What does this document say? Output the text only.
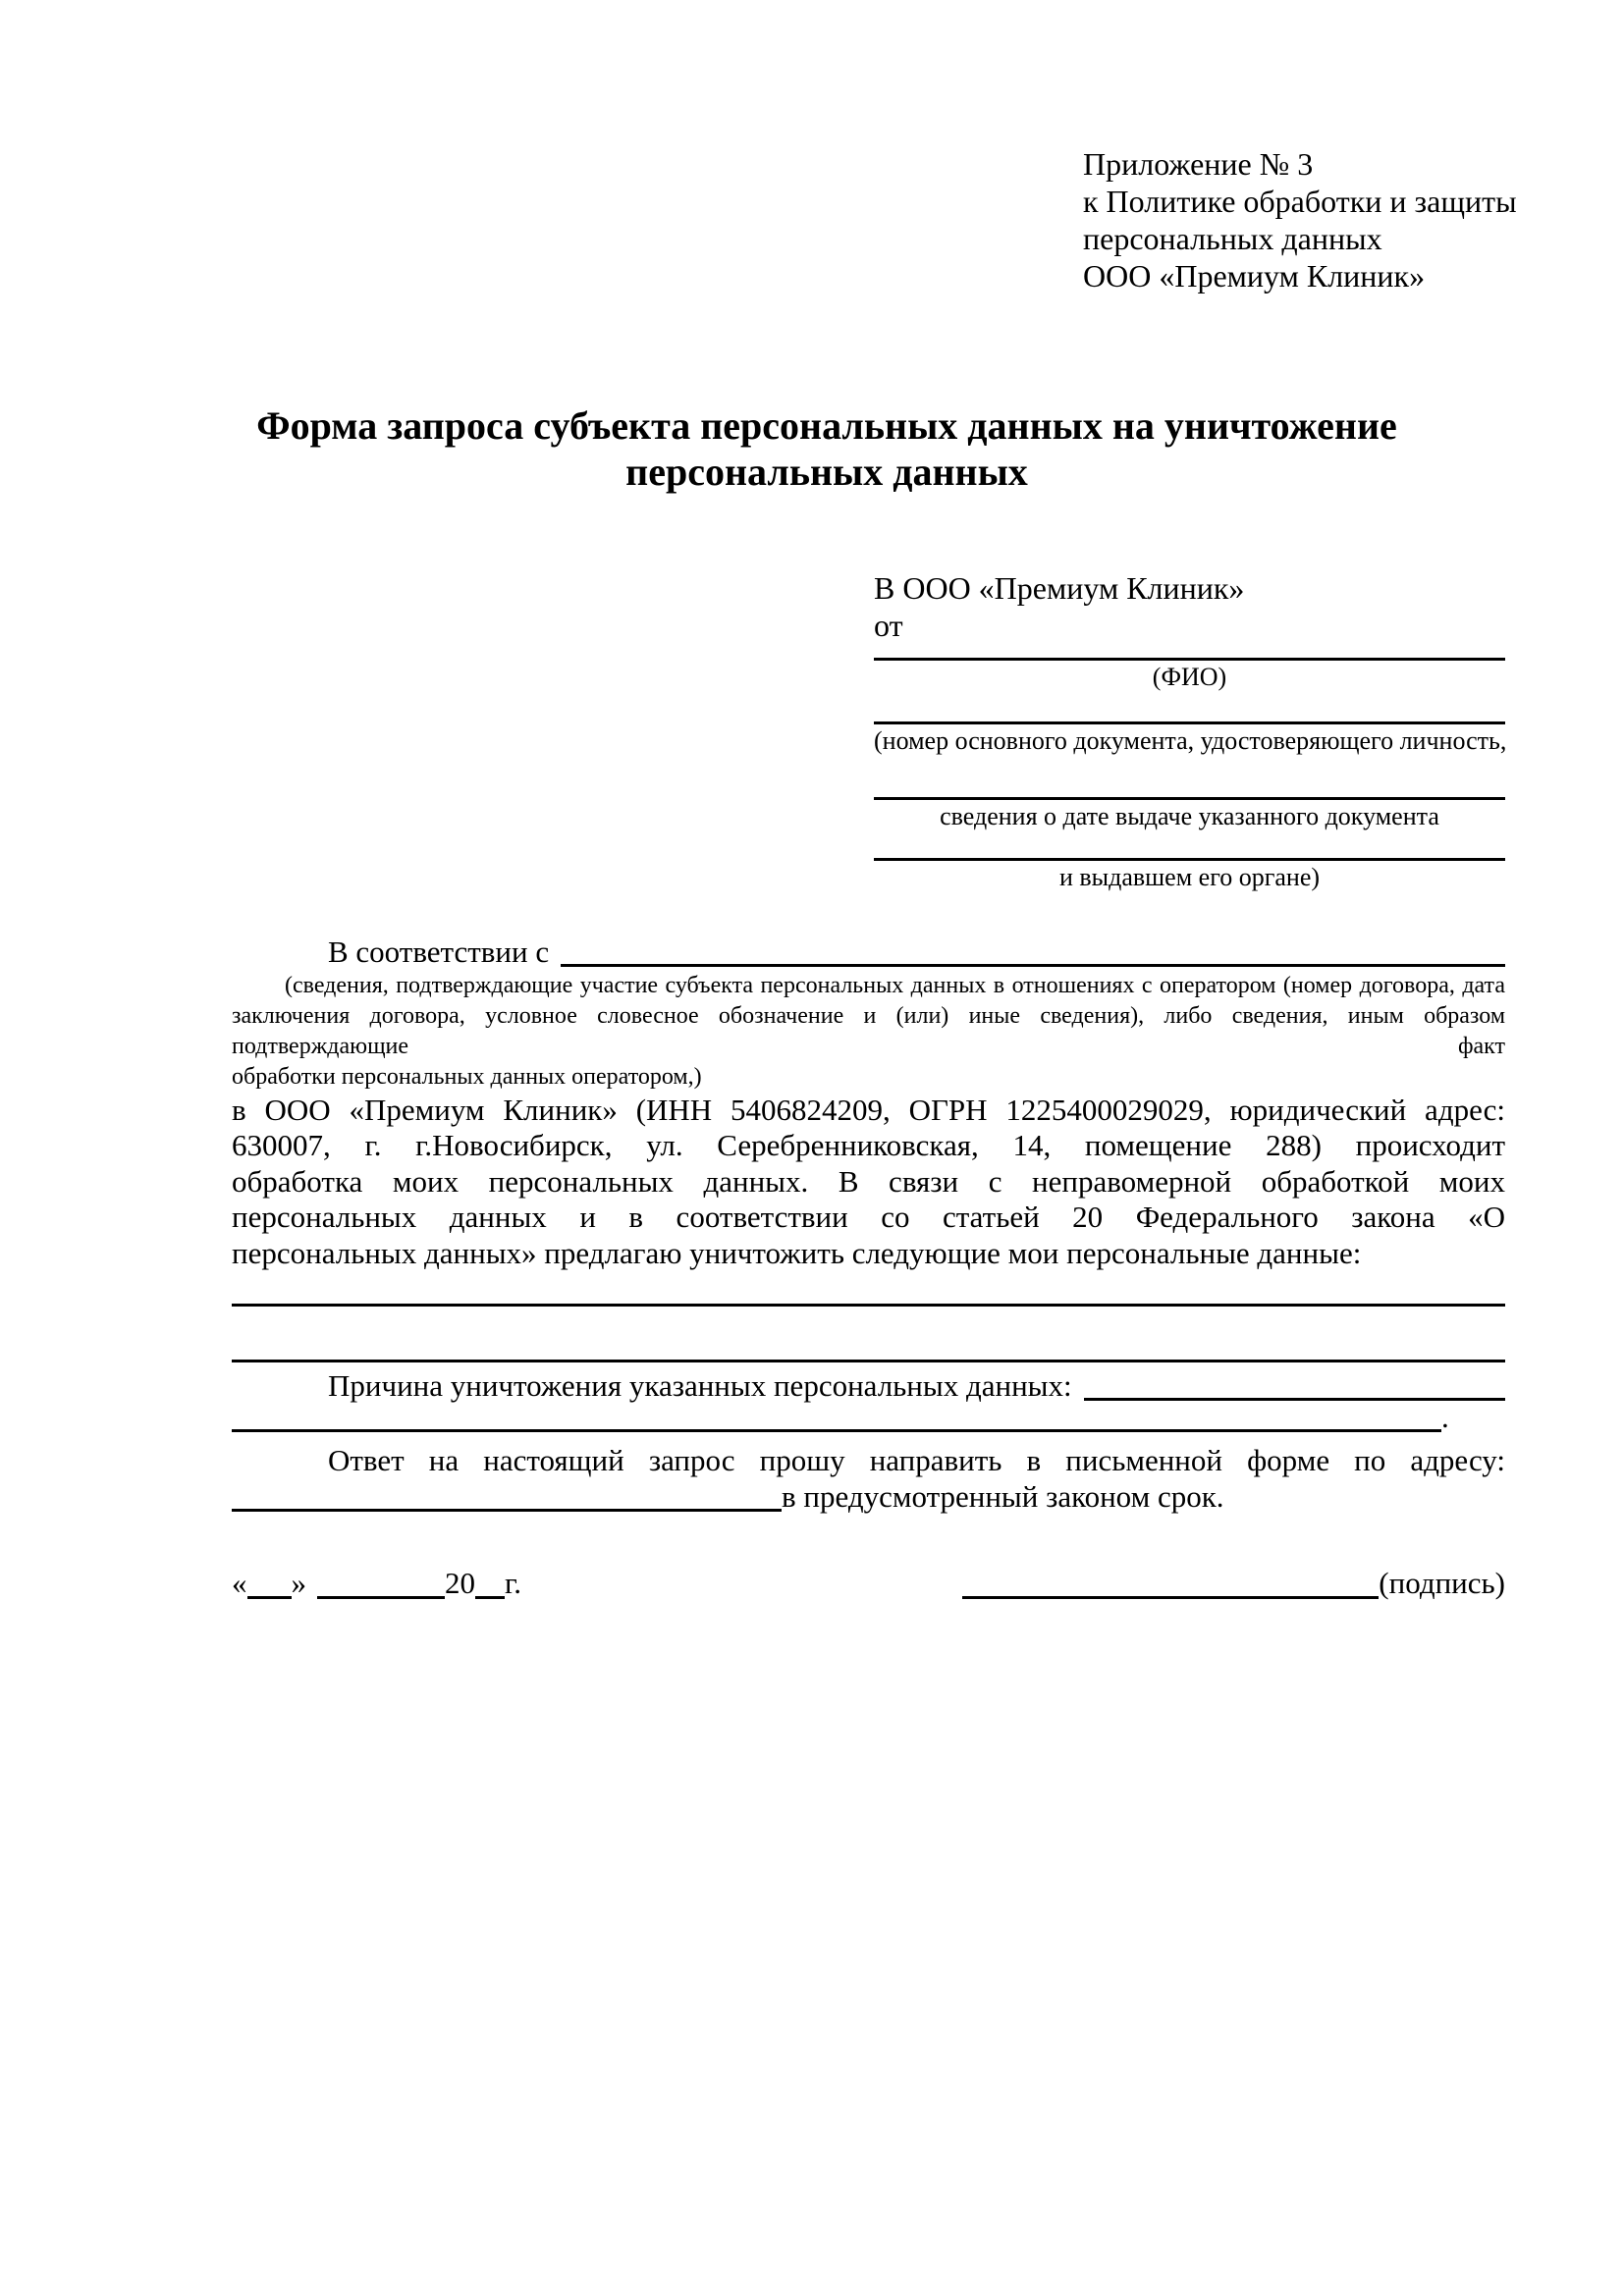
Приложение № 3
к Политике обработки и защиты
персональных данных
ООО «Премиум Клиник»
Форма запроса субъекта персональных данных на уничтожение
персональных данных
В ООО «Премиум Клиник»
от
(ФИО)
(номер основного документа, удостоверяющего личность,
сведения о дате выдаче указанного документа
и выдавшем его органе)
В соответствии с
(сведения, подтверждающие участие субъекта персональных данных в отношениях с оператором (номер договора, дата
заключения договора, условное словесное обозначение и (или) иные сведения), либо сведения, иным образом подтверждающие факт
обработки персональных данных оператором,)
в ООО «Премиум Клиник» (ИНН 5406824209, ОГРН 1225400029029, юридический адрес:
630007, г. г.Новосибирск, ул. Серебренниковская, 14, помещение 288) происходит
обработка моих персональных данных. В связи с неправомерной обработкой моих
персональных данных и в соответствии со статьей 20 Федерального закона «О
персональных данных» предлагаю уничтожить следующие мои персональные данные:
Причина уничтожения указанных персональных данных:
.
Ответ на настоящий запрос прошу направить в письменной форме по адресу:
в предусмотренный законом срок.
« »	20 г.	(подпись)
